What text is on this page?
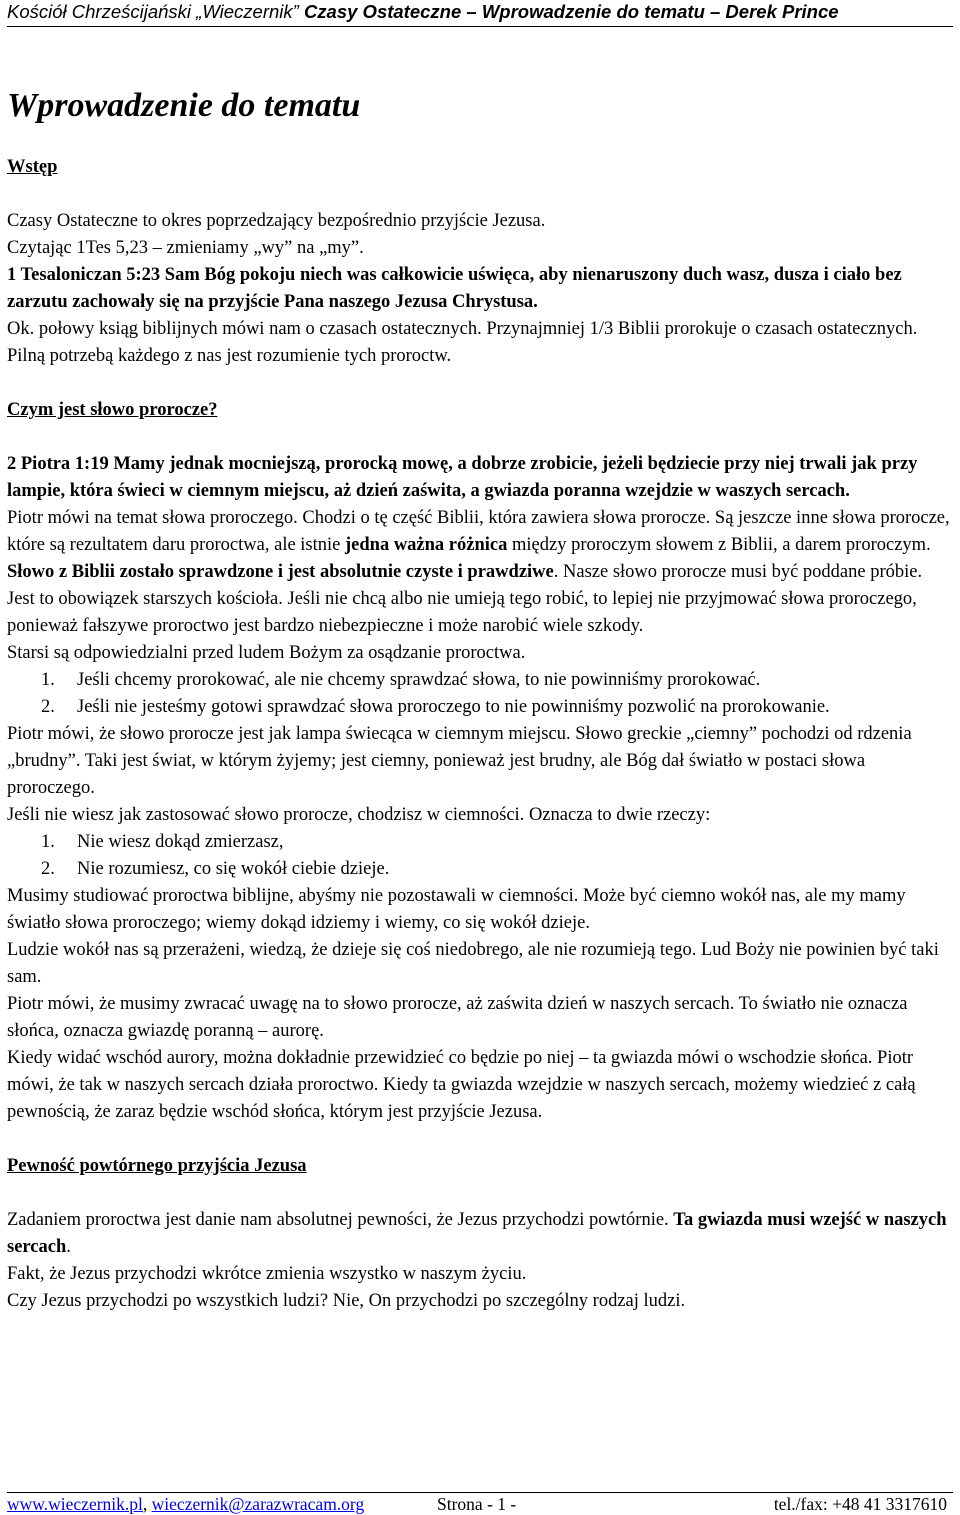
Kościół Chrześcijański „Wieczernik” Czasy Ostateczne – Wprowadzenie do tematu – Derek Prince
Wprowadzenie do tematu

Wstęp

Czasy Ostateczne to okres poprzedzający bezpośrednio przyjście Jezusa.

Czytając 1Tes 5,23 – zmieniamy „wy” na „my”.

1 Tesaloniczan 5:23 Sam Bóg pokoju niech was całkowicie uświęca, aby nienaruszony duch wasz, dusza i ciało bez zarzutu zachowały się na przyjście Pana naszego Jezusa Chrystusa.

Ok. połowy ksiąg biblijnych mówi nam o czasach ostatecznych. Przynajmniej 1/3 Biblii prorokuje o czasach ostatecznych. Pilną potrzebą każdego z nas jest rozumienie tych proroctw.

Czym jest słowo prorocze?

2 Piotra 1:19 Mamy jednak mocniejszą, prorocką mowę, a dobrze zrobicie, jeżeli będziecie przy niej trwali jak przy lampie, która świeci w ciemnym miejscu, aż dzień zaświta, a gwiazda poranna wzejdzie w waszych sercach.

Piotr mówi na temat słowa proroczego. Chodzi o tę część Biblii, która zawiera słowa prorocze. Są jeszcze inne słowa prorocze, które są rezultatem daru proroctwa, ale istnie jedna ważna różnica między proroczym słowem z Biblii, a darem proroczym. Słowo z Biblii zostało sprawdzone i jest absolutnie czyste i prawdziwe. Nasze słowo prorocze musi być poddane próbie. Jest to obowiązek starszych kościoła. Jeśli nie chcą albo nie umieją tego robić, to lepiej nie przyjmować słowa proroczego, ponieważ fałszywe proroctwo jest bardzo niebezpieczne i może narobić wiele szkody.

Starsi są odpowiedzialni przed ludem Bożym za osądzanie proroctwa.

1. Jeśli chcemy prorokować, ale nie chcemy sprawdzać słowa, to nie powinniśmy prorokować.
2. Jeśli nie jesteśmy gotowi sprawdzać słowa proroczego to nie powinniśmy pozwolić na prorokowanie.

Piotr mówi, że słowo prorocze jest jak lampa świecąca w ciemnym miejscu. Słowo greckie „ciemny” pochodzi od rdzenia „brudny”. Taki jest świat, w którym żyjemy; jest ciemny, ponieważ jest brudny, ale Bóg dał światło w postaci słowa proroczego.

Jeśli nie wiesz jak zastosować słowo prorocze, chodzisz w ciemności. Oznacza to dwie rzeczy:

1. Nie wiesz dokąd zmierzasz,
2. Nie rozumiesz, co się wokół ciebie dzieje.

Musimy studiować proroctwa biblijne, abyśmy nie pozostawali w ciemności. Może być ciemno wokół nas, ale my mamy światło słowa proroczego; wiemy dokąd idziemy i wiemy, co się wokół dzieje.

Ludzie wokół nas są przerażeni, wiedzą, że dzieje się coś niedobrego, ale nie rozumieją tego. Lud Boży nie powinien być taki sam.

Piotr mówi, że musimy zwracać uwagę na to słowo prorocze, aż zaświta dzień w naszych sercach. To światło nie oznacza słońca, oznacza gwiazdę poranną – aurorę.

Kiedy widać wschód aurory, można dokładnie przewidzieć co będzie po niej – ta gwiazda mówi o wschodzie słońca. Piotr mówi, że tak w naszych sercach działa proroctwo. Kiedy ta gwiazda wzejdzie w naszych sercach, możemy wiedzieć z całą pewnością, że zaraz będzie wschód słońca, którym jest przyjście Jezusa.

Pewność powtórnego przyjścia Jezusa

Zadaniem proroctwa jest danie nam absolutnej pewności, że Jezus przychodzi powtórnie. Ta gwiazda musi wzejść w naszych sercach.

Fakt, że Jezus przychodzi wkrótce zmienia wszystko w naszym życiu.

Czy Jezus przychodzi po wszystkich ludzi? Nie, On przychodzi po szczególny rodzaj ludzi.

www.wieczernik.pl, wieczernik@zarazwracam.org	Strona - 1 -	tel./fax: +48 41 3317610
